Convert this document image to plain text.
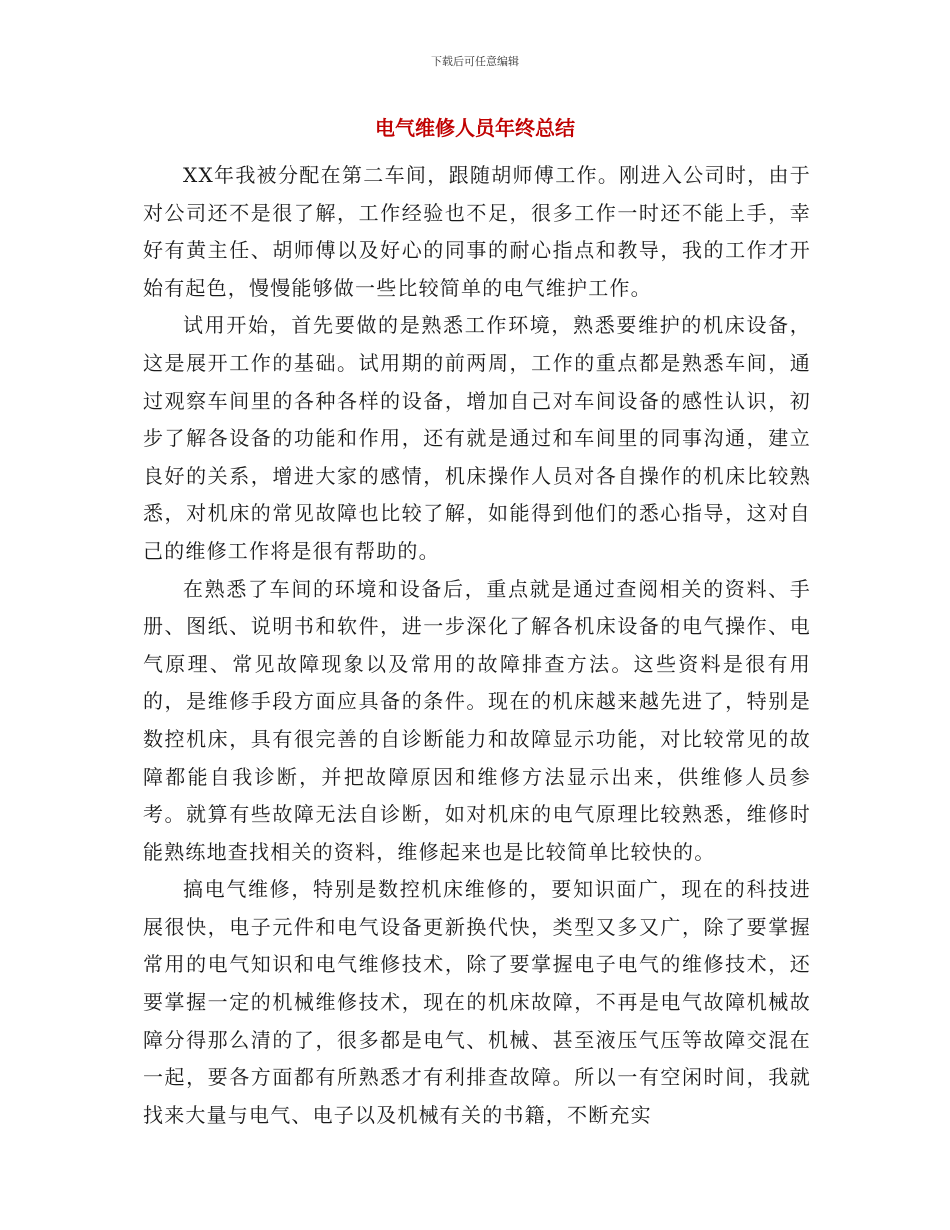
下载后可任意编辑
电气维修人员年终总结

XX年我被分配在第二车间，跟随胡师傅工作。刚进入公司时，由于对公司还不是很了解，工作经验也不足，很多工作一时还不能上手，幸好有黄主任、胡师傅以及好心的同事的耐心指点和教导，我的工作才开始有起色，慢慢能够做一些比较简单的电气维护工作。

试用开始，首先要做的是熟悉工作环境，熟悉要维护的机床设备，这是展开工作的基础。试用期的前两周，工作的重点都是熟悉车间，通过观察车间里的各种各样的设备，增加自己对车间设备的感性认识，初步了解各设备的功能和作用，还有就是通过和车间里的同事沟通，建立良好的关系，增进大家的感情，机床操作人员对各自操作的机床比较熟悉，对机床的常见故障也比较了解，如能得到他们的悉心指导，这对自己的维修工作将是很有帮助的。

在熟悉了车间的环境和设备后，重点就是通过查阅相关的资料、手册、图纸、说明书和软件，进一步深化了解各机床设备的电气操作、电气原理、常见故障现象以及常用的故障排查方法。这些资料是很有用的，是维修手段方面应具备的条件。现在的机床越来越先进了，特别是数控机床，具有很完善的自诊断能力和故障显示功能，对比较常见的故障都能自我诊断，并把故障原因和维修方法显示出来，供维修人员参考。就算有些故障无法自诊断，如对机床的电气原理比较熟悉，维修时能熟练地查找相关的资料，维修起来也是比较简单比较快的。

搞电气维修，特别是数控机床维修的，要知识面广，现在的科技进展很快，电子元件和电气设备更新换代快，类型又多又广，除了要掌握常用的电气知识和电气维修技术，除了要掌握电子电气的维修技术，还要掌握一定的机械维修技术，现在的机床故障，不再是电气故障机械故障分得那么清的了，很多都是电气、机械、甚至液压气压等故障交混在一起，要各方面都有所熟悉才有利排查故障。所以一有空闲时间，我就找来大量与电气、电子以及机械有关的书籍，不断充实
